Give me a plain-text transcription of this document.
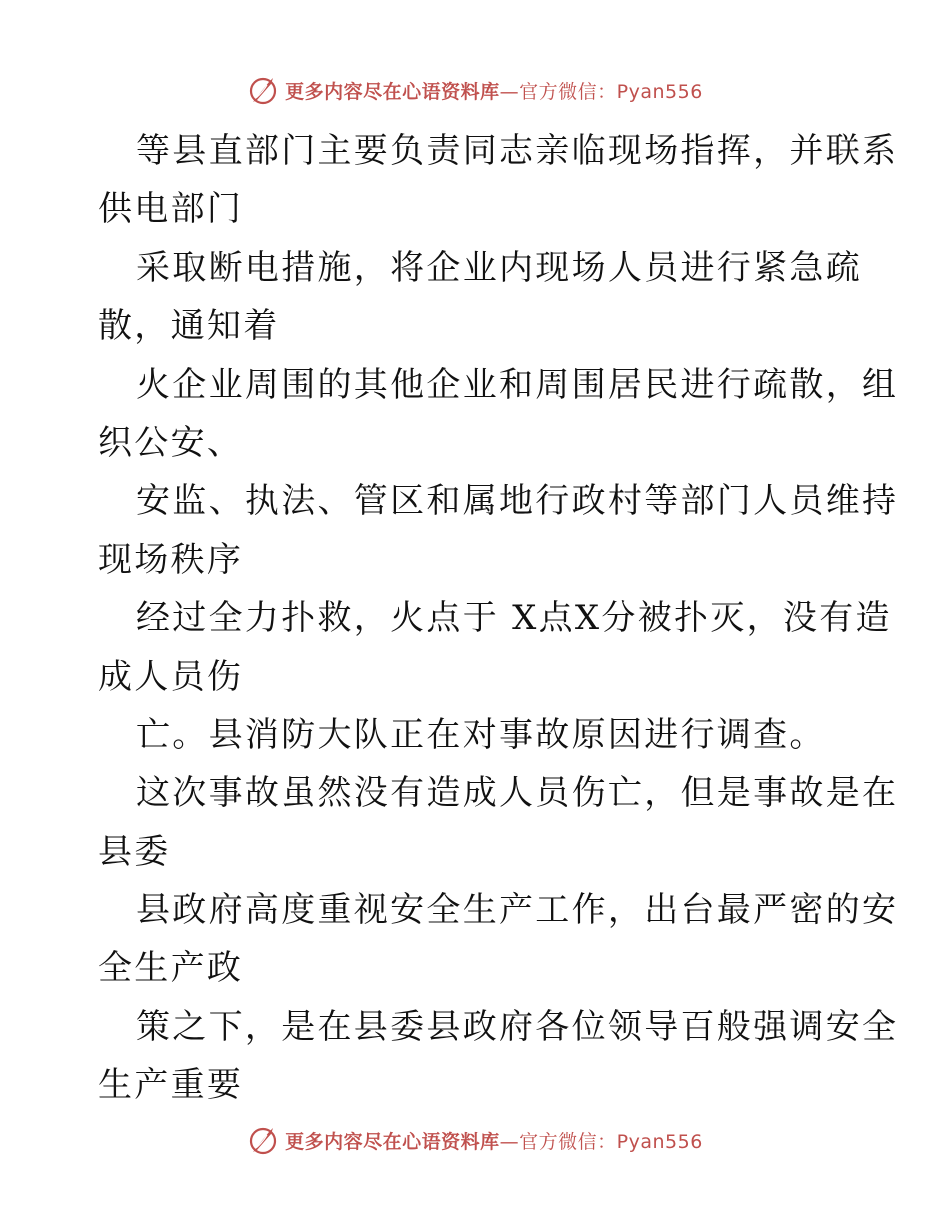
更多内容尽在心语资料库—官方微信：Pyan556
等县直部门主要负责同志亲临现场指挥，并联系
供电部门
采取断电措施，将企业内现场人员进行紧急疏
散，通知着
火企业周围的其他企业和周围居民进行疏散，组
织公安、
安监、执法、管区和属地行政村等部门人员维持
现场秩序
经过全力扑救，火点于 X点X分被扑灭，没有造
成人员伤
亡。县消防大队正在对事故原因进行调查。
这次事故虽然没有造成人员伤亡，但是事故是在
县委
县政府高度重视安全生产工作，出台最严密的安
全生产政
策之下，是在县委县政府各位领导百般强调安全
生产重要
更多内容尽在心语资料库—官方微信：Pyan556
